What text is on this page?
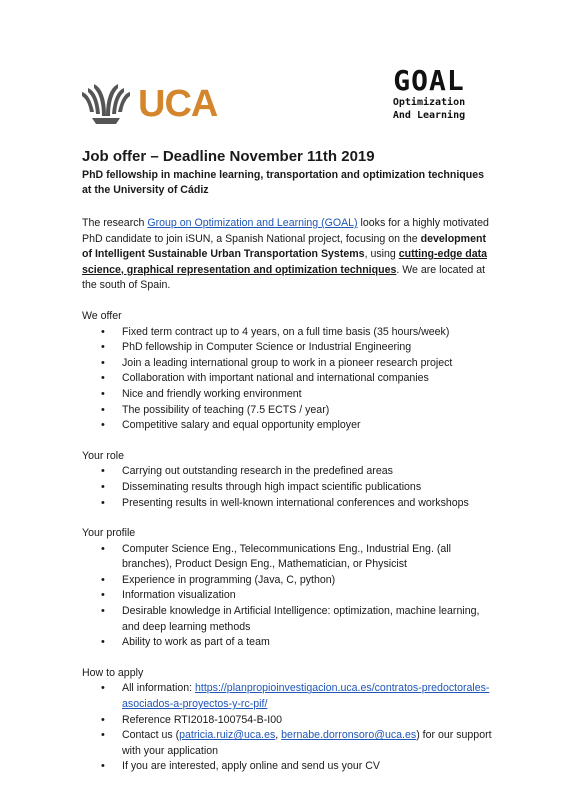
UCA
GOAL
Optimization
And Learning
Job offer – Deadline November 11th 2019

PhD fellowship in machine learning, transportation and optimization techniques at the University of Cádiz

The research Group on Optimization and Learning (GOAL) looks for a highly motivated PhD candidate to join iSUN, a Spanish National project, focusing on the development of Intelligent Sustainable Urban Transportation Systems, using cutting-edge data science, graphical representation and optimization techniques. We are located at the south of Spain.

We offer

• Fixed term contract up to 4 years, on a full time basis (35 hours/week)
• PhD fellowship in Computer Science or Industrial Engineering
• Join a leading international group to work in a pioneer research project
• Collaboration with important national and international companies
• Nice and friendly working environment
• The possibility of teaching (7.5 ECTS / year)
• Competitive salary and equal opportunity employer

Your role

• Carrying out outstanding research in the predefined areas
• Disseminating results through high impact scientific publications
• Presenting results in well-known international conferences and workshops

Your profile

• Computer Science Eng., Telecommunications Eng., Industrial Eng. (all branches), Product Design Eng., Mathematician, or Physicist
• Experience in programming (Java, C, python)
• Information visualization
• Desirable knowledge in Artificial Intelligence: optimization, machine learning, and deep learning methods
• Ability to work as part of a team

How to apply

• All information: https://planpropioinvestigacion.uca.es/contratos-predoctorales-asociados-a-proyectos-y-rc-pif/
• Reference RTI2018-100754-B-I00
• Contact us (patricia.ruiz@uca.es, bernabe.dorronsoro@uca.es) for our support with your application
• If you are interested, apply online and send us your CV
